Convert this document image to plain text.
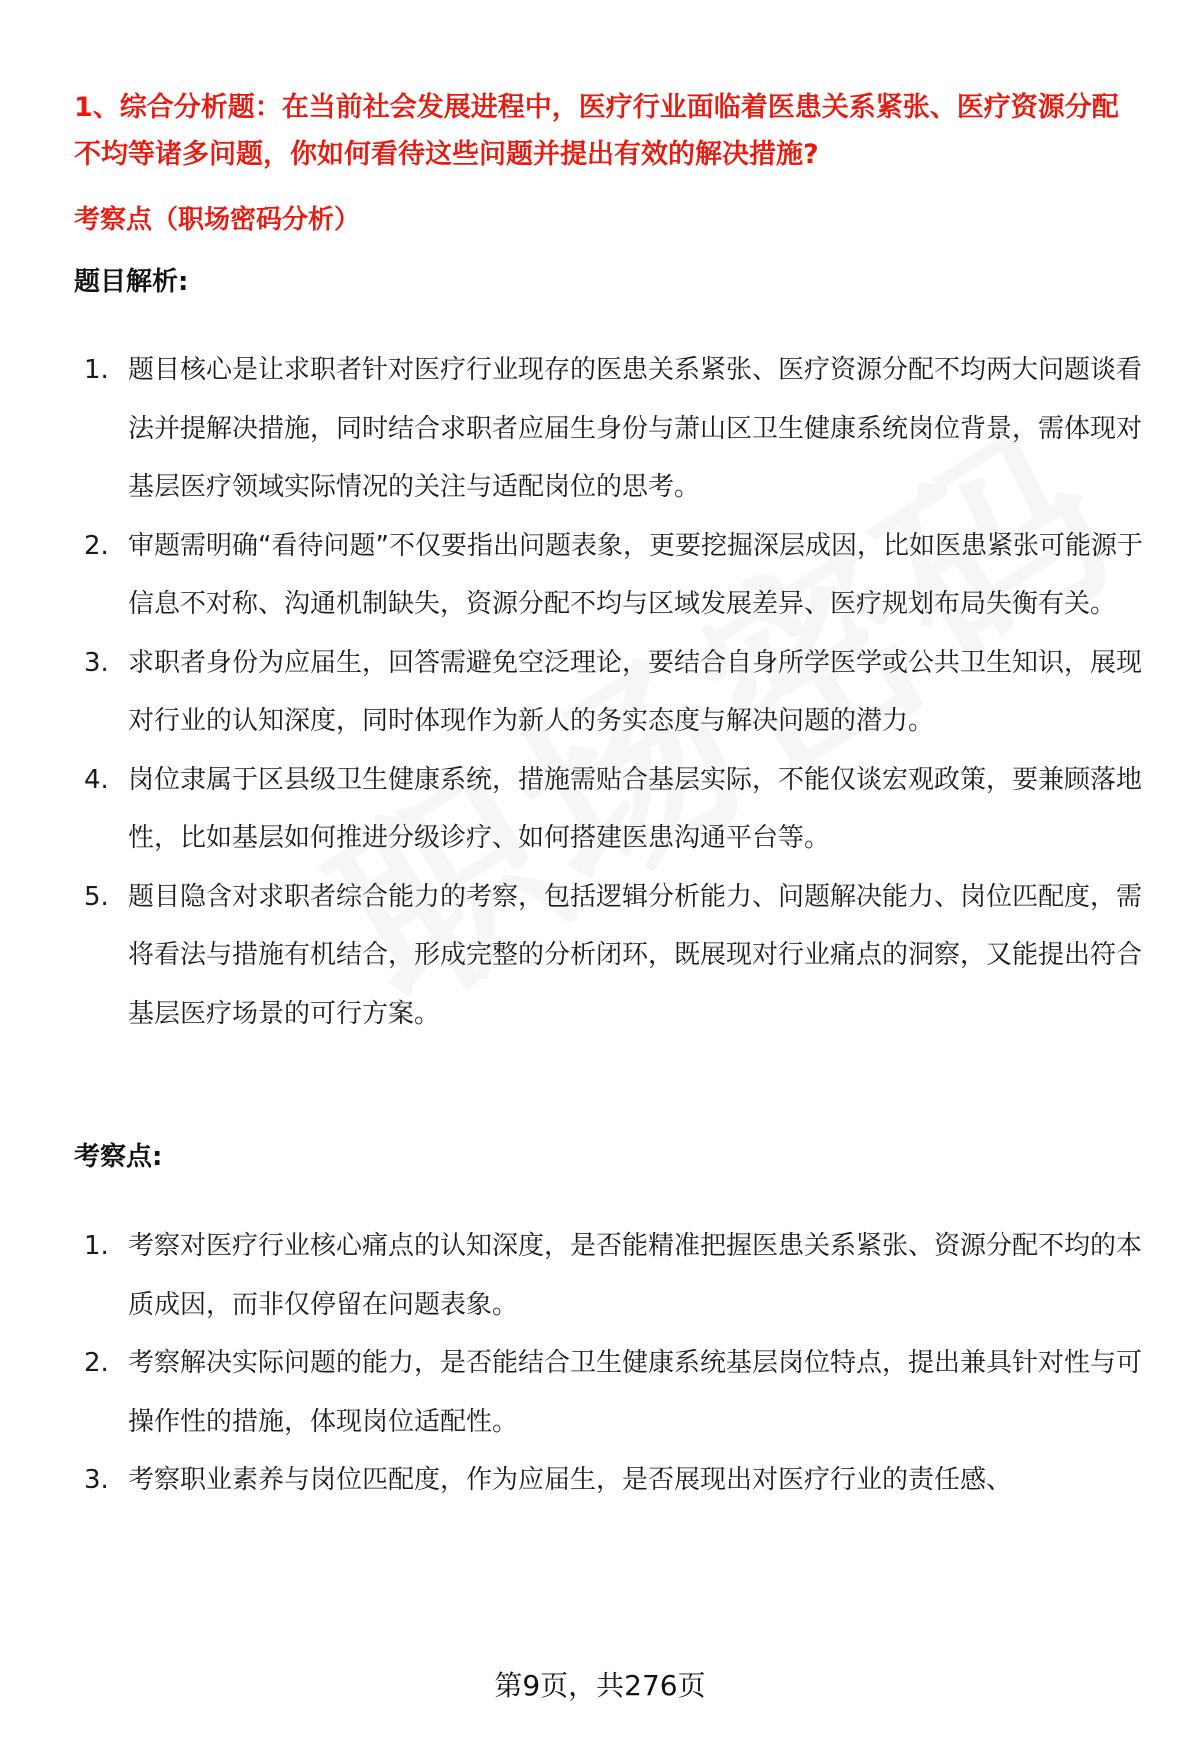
1、综合分析题：在当前社会发展进程中，医疗行业面临着医患关系紧张、医疗资源分配不均等诸多问题，你如何看待这些问题并提出有效的解决措施?

考察点（职场密码分析）

题目解析:

1. 题目核心是让求职者针对医疗行业现存的医患关系紧张、医疗资源分配不均两大问题谈看法并提解决措施，同时结合求职者应届生身份与萧山区卫生健康系统岗位背景，需体现对基层医疗领域实际情况的关注与适配岗位的思考。
2. 审题需明确“看待问题”不仅要指出问题表象，更要挖掘深层成因，比如医患紧张可能源于信息不对称、沟通机制缺失，资源分配不均与区域发展差异、医疗规划布局失衡有关。
3. 求职者身份为应届生，回答需避免空泛理论，要结合自身所学医学或公共卫生知识，展现对行业的认知深度，同时体现作为新人的务实态度与解决问题的潜力。
4. 岗位隶属于区县级卫生健康系统，措施需贴合基层实际，不能仅谈宏观政策，要兼顾落地性，比如基层如何推进分级诊疗、如何搭建医患沟通平台等。
5. 题目隐含对求职者综合能力的考察，包括逻辑分析能力、问题解决能力、岗位匹配度，需将看法与措施有机结合，形成完整的分析闭环，既展现对行业痛点的洞察，又能提出符合基层医疗场景的可行方案。

考察点:

1. 考察对医疗行业核心痛点的认知深度，是否能精准把握医患关系紧张、资源分配不均的本质成因，而非仅停留在问题表象。
2. 考察解决实际问题的能力，是否能结合卫生健康系统基层岗位特点，提出兼具针对性与可操作性的措施，体现岗位适配性。
3. 考察职业素养与岗位匹配度，作为应届生，是否展现出对医疗行业的责任感、
第9页，共276页
